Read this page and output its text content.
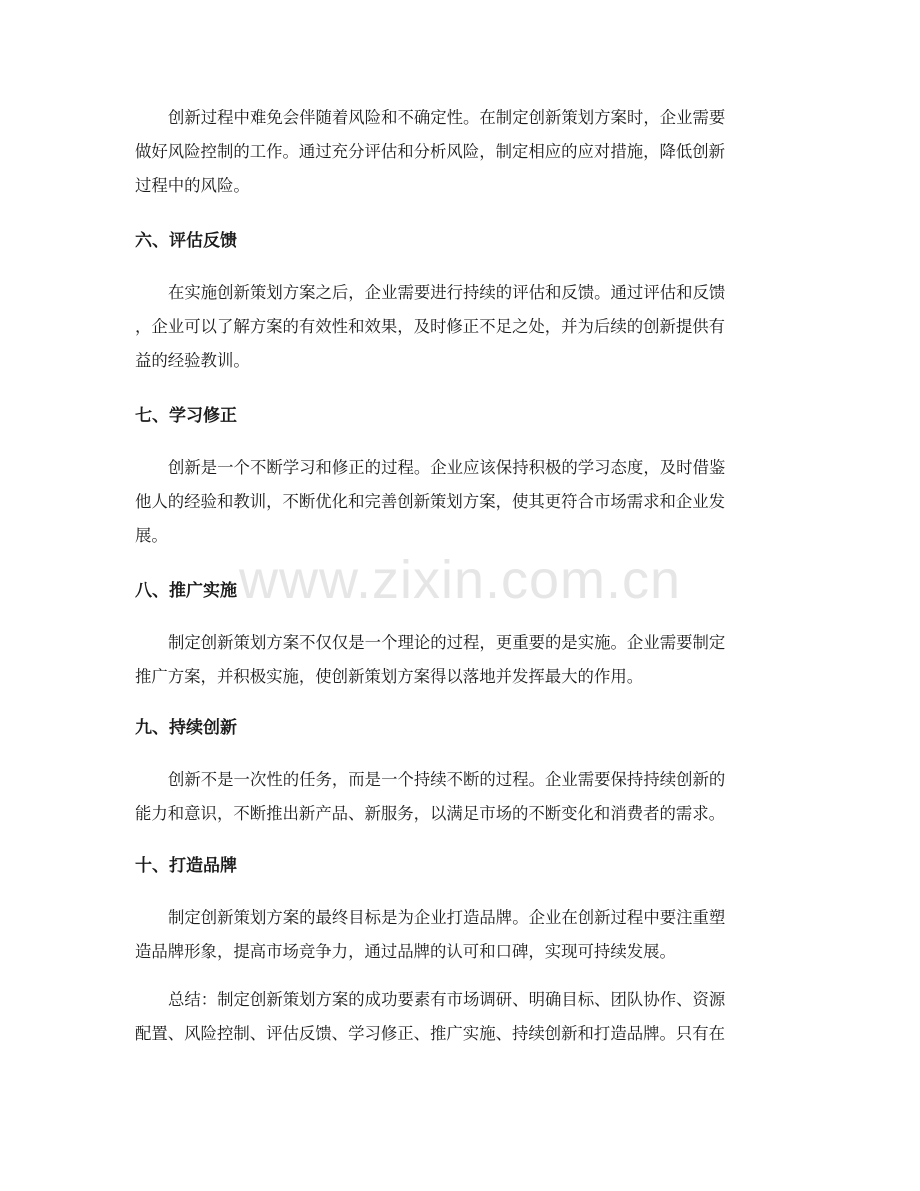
www.zixin.com.cn

创新过程中难免会伴随着风险和不确定性。在制定创新策划方案时，企业需要
做好风险控制的工作。通过充分评估和分析风险，制定相应的应对措施，降低创新
过程中的风险。

六、评估反馈

在实施创新策划方案之后，企业需要进行持续的评估和反馈。通过评估和反馈
，企业可以了解方案的有效性和效果，及时修正不足之处，并为后续的创新提供有
益的经验教训。

七、学习修正

创新是一个不断学习和修正的过程。企业应该保持积极的学习态度，及时借鉴
他人的经验和教训，不断优化和完善创新策划方案，使其更符合市场需求和企业发
展。

八、推广实施

制定创新策划方案不仅仅是一个理论的过程，更重要的是实施。企业需要制定
推广方案，并积极实施，使创新策划方案得以落地并发挥最大的作用。

九、持续创新

创新不是一次性的任务，而是一个持续不断的过程。企业需要保持持续创新的
能力和意识，不断推出新产品、新服务，以满足市场的不断变化和消费者的需求。

十、打造品牌

制定创新策划方案的最终目标是为企业打造品牌。企业在创新过程中要注重塑
造品牌形象，提高市场竞争力，通过品牌的认可和口碑，实现可持续发展。

总结：制定创新策划方案的成功要素有市场调研、明确目标、团队协作、资源
配置、风险控制、评估反馈、学习修正、推广实施、持续创新和打造品牌。只有在
